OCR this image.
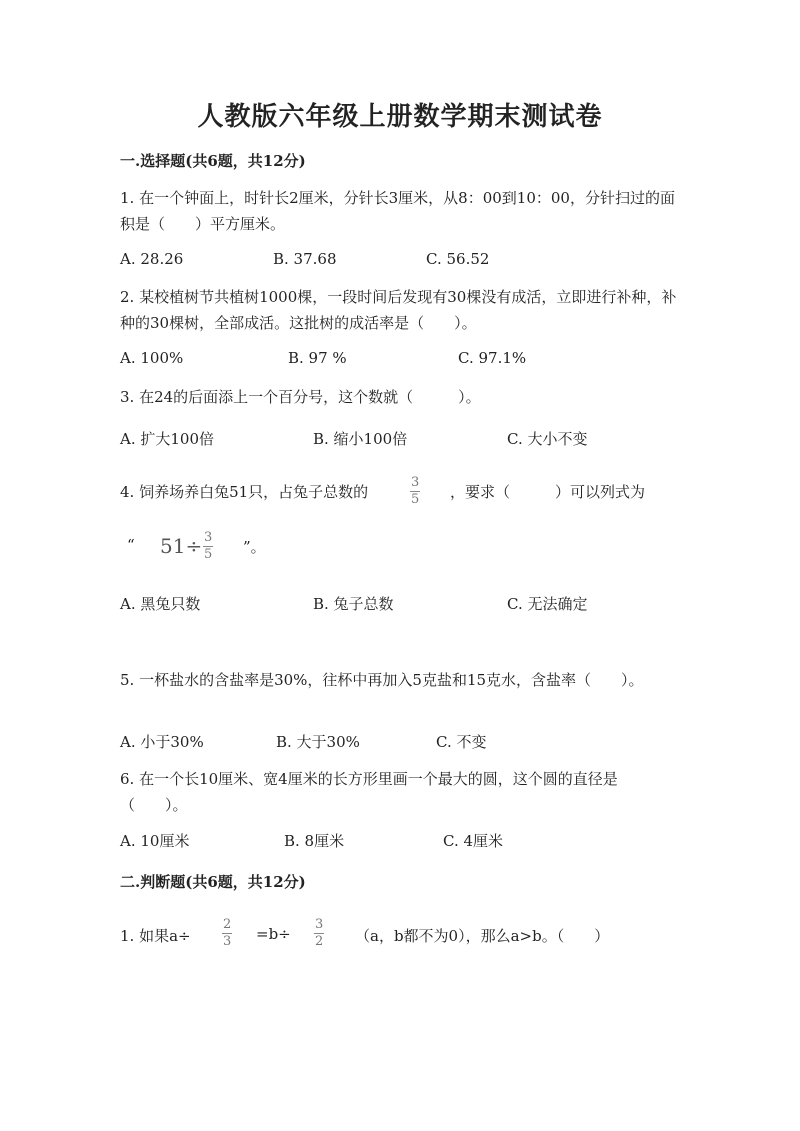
人教版六年级上册数学期末测试卷
一.选择题(共6题，共12分)
1. 在一个钟面上，时针长2厘米，分针长3厘米，从8：00到10：00，分针扫过的面积是（　　）平方厘米。
A. 28.26	B. 37.68	C. 56.52
2. 某校植树节共植树1000棵，一段时间后发现有30棵没有成活，立即进行补种，补种的30棵树，全部成活。这批树的成活率是（　　）。
A. 100%	B. 97 %	C. 97.1%
3. 在24的后面添上一个百分号，这个数就（　　　）。
A. 扩大100倍	B. 缩小100倍	C. 大小不变
4. 饲养场养白兔51只，占兔子总数的
3
5 ，要求（　　　）可以列式为
“ 51÷ 3
5 ”。
A. 黑兔只数	B. 兔子总数	C. 无法确定
5. 一杯盐水的含盐率是30%，往杯中再加入5克盐和15克水，含盐率（　　）。
A. 小于30%	B. 大于30%	C. 不变
6. 在一个长10厘米、宽4厘米的长方形里画一个最大的圆，这个圆的直径是（　　）。
A. 10厘米	B. 8厘米	C. 4厘米
二.判断题(共6题，共12分)
1. 如果a÷
2
3 =b÷
3
2 （a，b都不为0），那么a>b。（　　）
